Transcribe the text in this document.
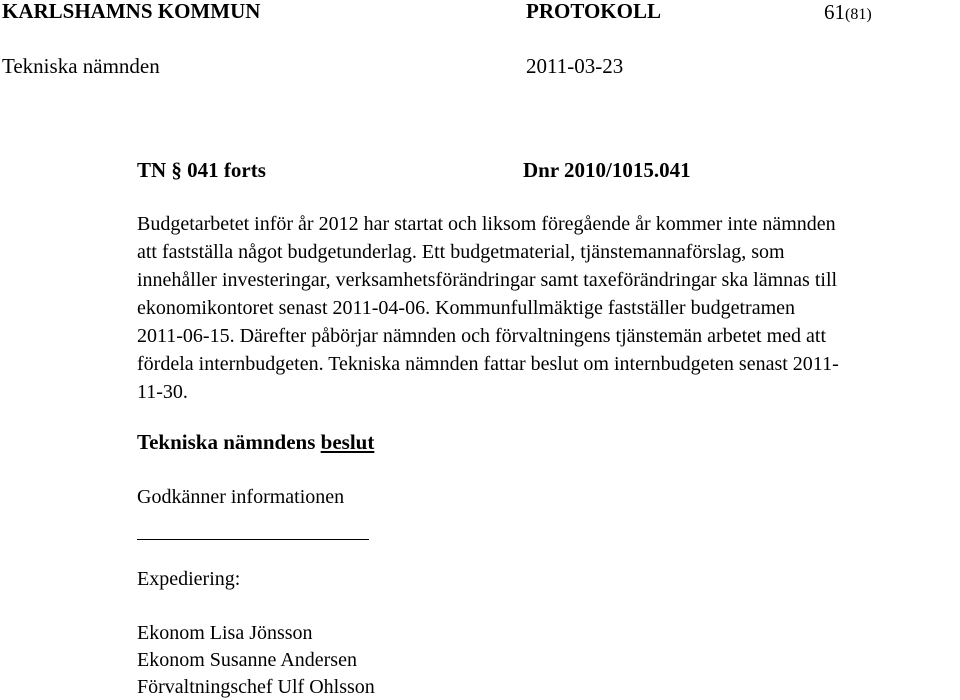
KARLSHAMNS KOMMUN	PROTOKOLL	61(81)
Tekniska nämnden	2011-03-23
TN § 041 forts	Dnr 2010/1015.041
Budgetarbetet inför år 2012 har startat och liksom föregående år kommer inte nämnden
att fastställa något budgetunderlag. Ett budgetmaterial, tjänstemannaförslag, som
innehåller investeringar, verksamhetsförändringar samt taxeförändringar ska lämnas till
ekonomikontoret senast 2011-04-06. Kommunfullmäktige fastställer budgetramen
2011-06-15. Därefter påbörjar nämnden och förvaltningens tjänstemän arbetet med att
fördela internbudgeten. Tekniska nämnden fattar beslut om internbudgeten senast 2011-
11-30.
Tekniska nämndens beslut
Godkänner informationen
Expediering:
Ekonom Lisa Jönsson
Ekonom Susanne Andersen
Förvaltningschef Ulf Ohlsson
